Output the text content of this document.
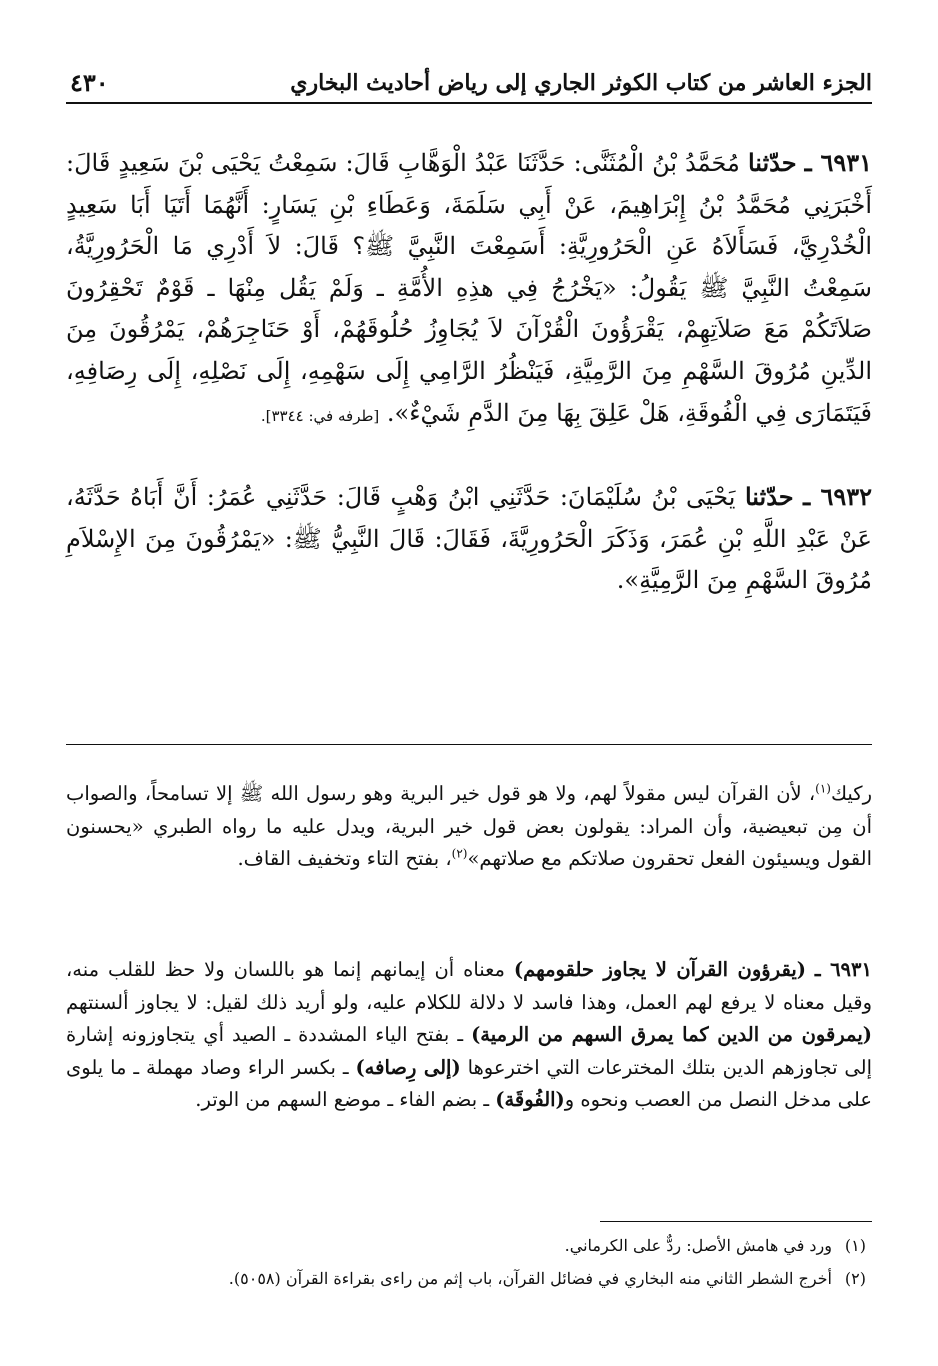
الجزء العاشر من كتاب الكوثر الجاري إلى رياض أحاديث البخاري
٤٣٠
٦٩٣١ ـ حدّثنا مُحَمَّدُ بْنُ الْمُثَنَّى: حَدَّثَنَا عَبْدُ الْوَهَّابِ قَالَ: سَمِعْتُ يَحْيَى بْنَ سَعِيدٍ قَالَ: أَخْبَرَنِي مُحَمَّدُ بْنُ إِبْرَاهِيمَ، عَنْ أَبِي سَلَمَةَ، وَعَطَاءِ بْنِ يَسَارٍ: أَنَّهُمَا أَتَيَا أَبَا سَعِيدٍ الْخُدْرِيَّ، فَسَأَلاَهُ عَنِ الْحَرُورِيَّةِ: أَسَمِعْتَ النَّبِيَّ ﷺ؟ قَالَ: لاَ أَدْرِي مَا الْحَرُورِيَّةُ، سَمِعْتُ النَّبِيَّ ﷺ يَقُولُ: «يَخْرُجُ فِي هذِهِ الأُمَّةِ ـ وَلَمْ يَقُل مِنْهَا ـ قَوْمٌ تَحْقِرُونَ صَلاَتَكُمْ مَعَ صَلاَتِهِمْ، يَقْرَؤُونَ الْقُرْآنَ لاَ يُجَاوِزُ حُلُوقَهُمْ، أَوْ حَنَاجِرَهُمْ، يَمْرُقُونَ مِنَ الدِّينِ مُرُوقَ السَّهْمِ مِنَ الرَّمِيَّةِ، فَيَنْظُرُ الرَّامِي إِلَى سَهْمِهِ، إِلَى نَصْلِهِ، إِلَى رِصَافِهِ، فَيَتَمَارَى فِي الْفُوقَةِ، هَلْ عَلِقَ بِهَا مِنَ الدَّمِ شَيْءٌ». [طرفه في: ٣٣٤٤].
٦٩٣٢ ـ حدّثنا يَحْيَى بْنُ سُلَيْمَانَ: حَدَّثَنِي ابْنُ وَهْبٍ قَالَ: حَدَّثَنِي عُمَرُ: أَنَّ أَبَاهُ حَدَّثَهُ، عَنْ عَبْدِ اللَّهِ بْنِ عُمَرَ، وَذَكَرَ الْحَرُورِيَّةَ، فَقَالَ: قَالَ النَّبِيُّ ﷺ: «يَمْرُقُونَ مِنَ الإِسْلاَمِ مُرُوقَ السَّهْمِ مِنَ الرَّمِيَّةِ».
ركيك$^{(١)}$، لأن القرآن ليس مقولاً لهم، ولا هو قول خير البرية وهو رسول الله ﷺ إلا تسامحاً، والصواب أن مِن تبعيضية، وأن المراد: يقولون بعض قول خير البرية، ويدل عليه ما رواه الطبري «يحسنون القول ويسيئون الفعل تحقرون صلاتكم مع صلاتهم»$^{(٢)}$، بفتح التاء وتخفيف القاف.
٦٩٣١ ـ (يقرؤون القرآن لا يجاوز حلقومهم) معناه أن إيمانهم إنما هو باللسان ولا حظ للقلب منه، وقيل معناه لا يرفع لهم العمل، وهذا فاسد لا دلالة للكلام عليه، ولو أريد ذلك لقيل: لا يجاوز ألسنتهم (يمرقون من الدين كما يمرق السهم من الرمية) ـ بفتح الياء المشددة ـ الصيد أي يتجاوزونه إشارة إلى تجاوزهم الدين بتلك المخترعات التي اخترعوها (إلى رِصافه) ـ بكسر الراء وصاد مهملة ـ ما يلوى على مدخل النصل من العصب ونحوه و(الفُوقَة) ـ بضم الفاء ـ موضع السهم من الوتر.
(١)ورد في هامش الأصل: ردٌّ على الكرماني.
(٢)أخرج الشطر الثاني منه البخاري في فضائل القرآن، باب إثم من راءى بقراءة القرآن (٥٠٥٨).
